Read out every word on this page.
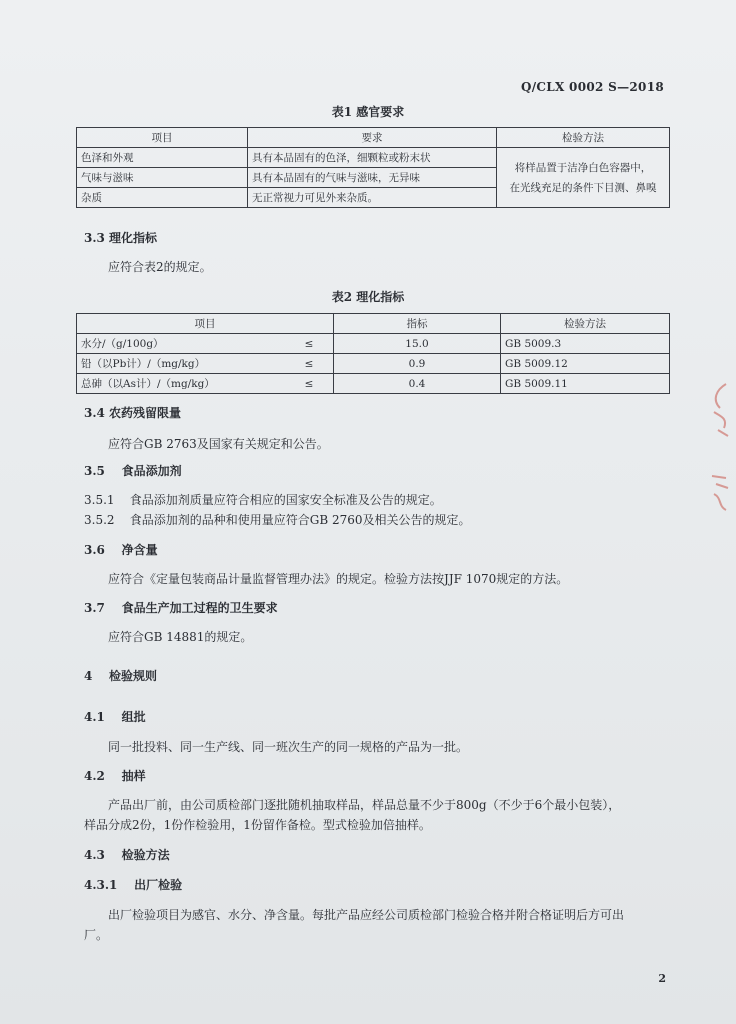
Q/CLX 0002 S—2018
表1 感官要求
项目	要求	检验方法
色泽和外观	具有本品固有的色泽，细颗粒或粉末状	将样品置于洁净白色容器中，
在光线充足的条件下目测、鼻嗅

气味与滋味	具有本品固有的气味与滋味，无异味	
杂质	无正常视力可见外来杂质。	
3.3 理化指标
应符合表2的规定。
表2 理化指标
项目		指标	检验方法
水分/（g/100g）	≤	15.0	GB 5009.3
铅（以Pb计）/（mg/kg）	≤	0.9	GB 5009.12
总砷（以As计）/（mg/kg）	≤	0.4	GB 5009.11
3.4 农药残留限量
应符合GB 2763及国家有关规定和公告。
3.5    食品添加剂
3.5.1    食品添加剂质量应符合相应的国家安全标准及公告的规定。
3.5.2    食品添加剂的品种和使用量应符合GB 2760及相关公告的规定。
3.6    净含量
应符合《定量包装商品计量监督管理办法》的规定。检验方法按JJF 1070规定的方法。
3.7    食品生产加工过程的卫生要求
应符合GB 14881的规定。
4    检验规则
4.1    组批
同一批投料、同一生产线、同一班次生产的同一规格的产品为一批。
4.2    抽样
产品出厂前，由公司质检部门逐批随机抽取样品，样品总量不少于800g（不少于6个最小包装），
样品分成2份，1份作检验用，1份留作备检。型式检验加倍抽样。
4.3    检验方法
4.3.1    出厂检验
出厂检验项目为感官、水分、净含量。每批产品应经公司质检部门检验合格并附合格证明后方可出
厂。
2
